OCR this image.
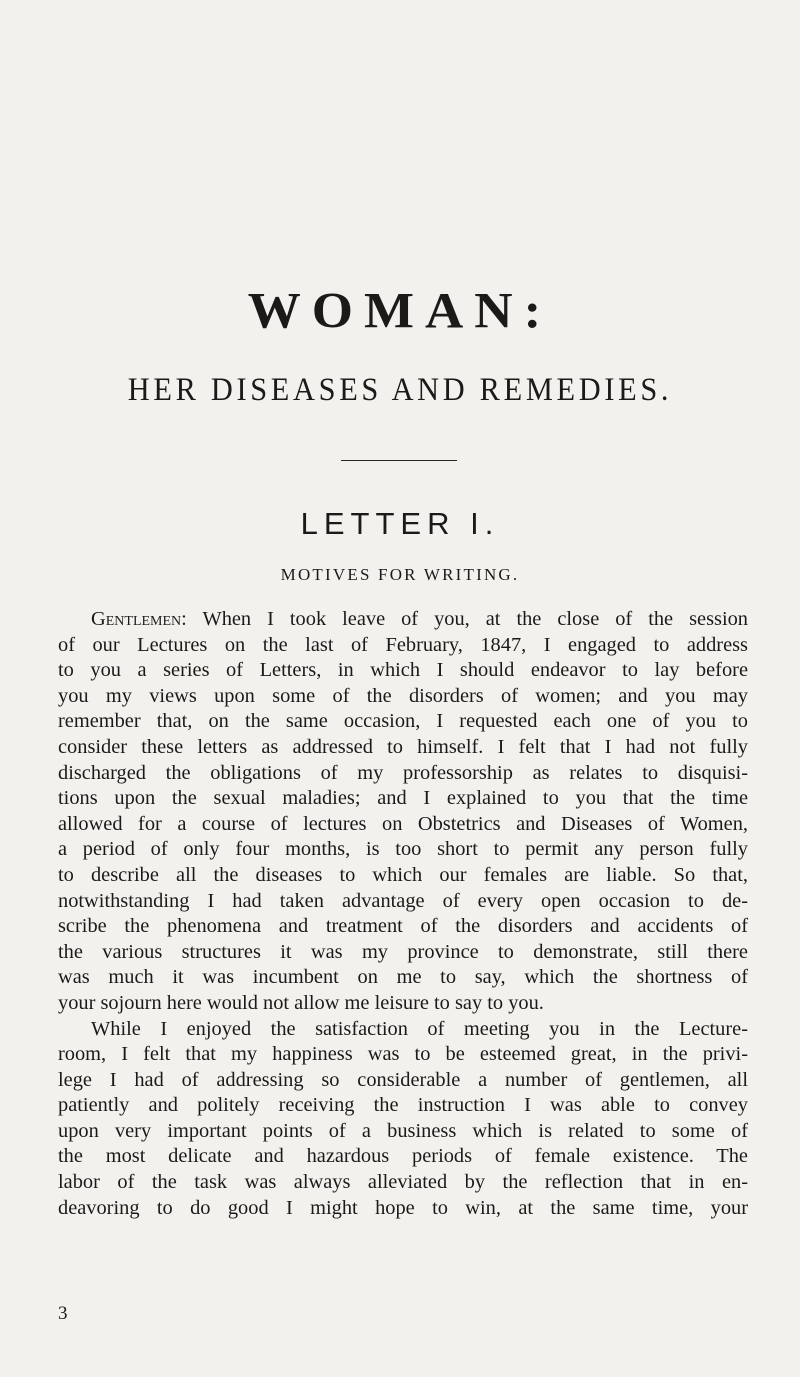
WOMAN:
HER DISEASES AND REMEDIES.
LETTER I.
MOTIVES FOR WRITING.
Gentlemen: When I took leave of you, at the close of the session
of our Lectures on the last of February, 1847, I engaged to address
to you a series of Letters, in which I should endeavor to lay before
you my views upon some of the disorders of women; and you may
remember that, on the same occasion, I requested each one of you to
consider these letters as addressed to himself. I felt that I had not fully
discharged the obligations of my professorship as relates to disquisi-
tions upon the sexual maladies; and I explained to you that the time
allowed for a course of lectures on Obstetrics and Diseases of Women,
a period of only four months, is too short to permit any person fully
to describe all the diseases to which our females are liable. So that,
notwithstanding I had taken advantage of every open occasion to de-
scribe the phenomena and treatment of the disorders and accidents of
the various structures it was my province to demonstrate, still there
was much it was incumbent on me to say, which the shortness of
your sojourn here would not allow me leisure to say to you.
While I enjoyed the satisfaction of meeting you in the Lecture-
room, I felt that my happiness was to be esteemed great, in the privi-
lege I had of addressing so considerable a number of gentlemen, all
patiently and politely receiving the instruction I was able to convey
upon very important points of a business which is related to some of
the most delicate and hazardous periods of female existence. The
labor of the task was always alleviated by the reflection that in en-
deavoring to do good I might hope to win, at the same time, your
3
